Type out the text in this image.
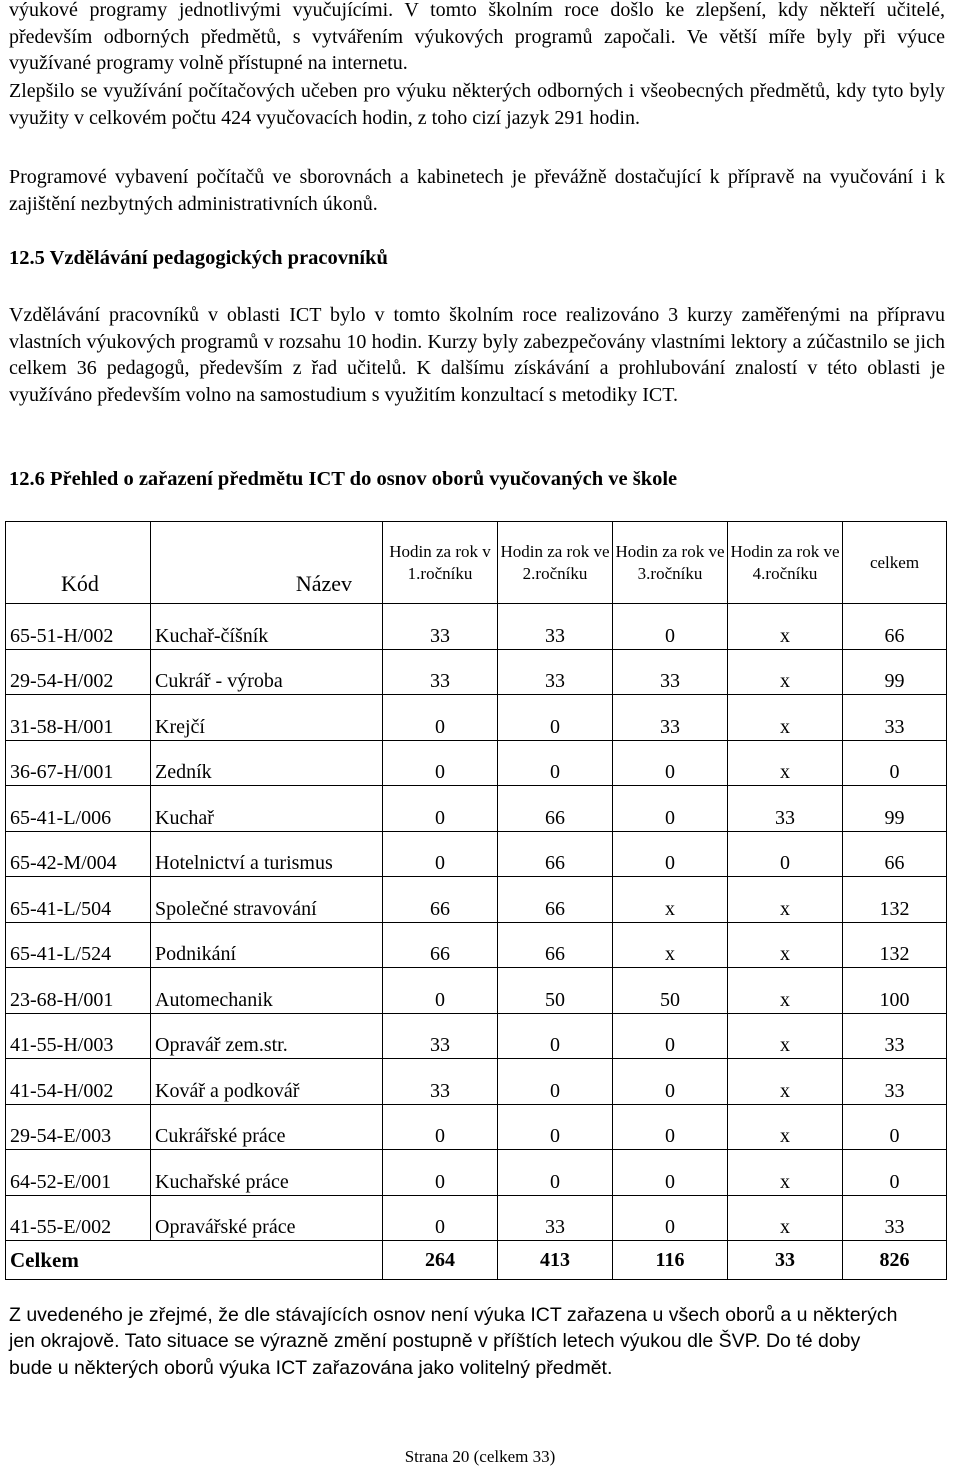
výukové programy jednotlivými vyučujícími. V tomto školním roce došlo ke zlepšení, kdy někteří učitelé, především odborných předmětů, s vytvářením výukových programů započali. Ve větší míře byly při výuce využívané programy volně přístupné na internetu.

Zlepšilo se využívání počítačových učeben pro výuku některých odborných i všeobecných předmětů, kdy tyto byly využity v celkovém počtu 424 vyučovacích hodin, z toho cizí jazyk 291 hodin.

Programové vybavení počítačů ve sborovnách a kabinetech je převážně dostačující k přípravě na vyučování i k zajištění nezbytných administrativních úkonů.

12.5 Vzdělávání pedagogických pracovníků

Vzdělávání pracovníků v oblasti ICT bylo v tomto školním roce realizováno 3 kurzy zaměřenými na přípravu vlastních výukových programů v rozsahu 10 hodin. Kurzy byly zabezpečovány vlastními lektory a zúčastnilo se jich celkem 36 pedagogů, především z řad učitelů. K dalšímu získávání a prohlubování znalostí v této oblasti je využíváno především volno na samostudium s využitím konzultací s metodiky ICT.

12.6 Přehled o zařazení předmětu ICT do osnov oborů vyučovaných ve škole
Kód	Název	Hodin za rok v 1.ročníku	Hodin za rok ve 2.ročníku	Hodin za rok ve 3.ročníku	Hodin za rok ve 4.ročníku	celkem
65-51-H/002	Kuchař-číšník	33	33	0	x	66
29-54-H/002	Cukrář - výroba	33	33	33	x	99
31-58-H/001	Krejčí	0	0	33	x	33
36-67-H/001	Zedník	0	0	0	x	0
65-41-L/006	Kuchař	0	66	0	33	99
65-42-M/004	Hotelnictví a turismus	0	66	0	0	66
65-41-L/504	Společné stravování	66	66	x	x	132
65-41-L/524	Podnikání	66	66	x	x	132
23-68-H/001	Automechanik	0	50	50	x	100
41-55-H/003	Opravář zem.str.	33	0	0	x	33
41-54-H/002	Kovář a podkovář	33	0	0	x	33
29-54-E/003	Cukrářské práce	0	0	0	x	0
64-52-E/001	Kuchařské práce	0	0	0	x	0
41-55-E/002	Opravářské práce	0	33	0	x	33
Celkem		264	413	116	33	826

Z uvedeného je zřejmé, že dle stávajících osnov není výuka ICT zařazena u všech oborů a u některých jen okrajově. Tato situace se výrazně změní postupně v příštích letech výukou dle ŠVP. Do té doby bude u některých oborů výuka ICT zařazována jako volitelný předmět.

Strana 20 (celkem 33)
